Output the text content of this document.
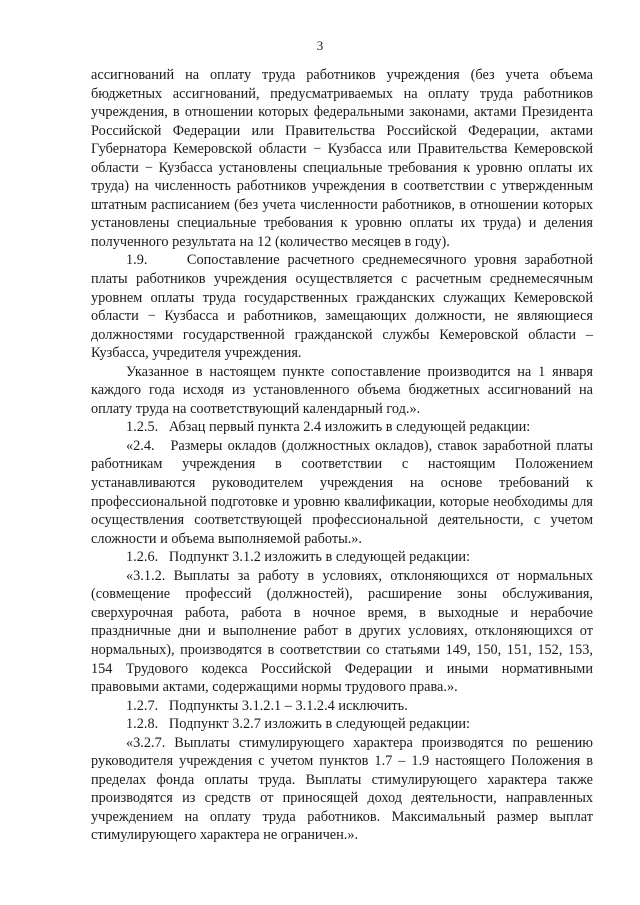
3

ассигнований на оплату труда работников учреждения (без учета объема бюджетных ассигнований, предусматриваемых на оплату труда работников учреждения, в отношении которых федеральными законами, актами Президента Российской Федерации или Правительства Российской Федерации, актами Губернатора Кемеровской области − Кузбасса или Правительства Кемеровской области − Кузбасса установлены специальные требования к уровню оплаты их труда) на численность работников учреждения в соответствии с утвержденным штатным расписанием (без учета численности работников, в отношении которых установлены специальные требования к уровню оплаты их труда) и деления полученного результата на 12 (количество месяцев в году).

1.9.     Сопоставление расчетного среднемесячного уровня заработной платы работников учреждения осуществляется с расчетным среднемесячным уровнем оплаты труда государственных гражданских служащих Кемеровской области − Кузбасса и работников, замещающих должности, не являющиеся должностями государственной гражданской службы Кемеровской области – Кузбасса, учредителя учреждения.

Указанное в настоящем пункте сопоставление производится на 1 января каждого года исходя из установленного объема бюджетных ассигнований на оплату труда на соответствующий календарный год.».

1.2.5.   Абзац первый пункта 2.4 изложить в следующей редакции:

«2.4.   Размеры окладов (должностных окладов), ставок заработной платы работникам учреждения в соответствии с настоящим Положением устанавливаются руководителем учреждения на основе требований к профессиональной подготовке и уровню квалификации, которые необходимы для осуществления соответствующей профессиональной деятельности, с учетом сложности и объема выполняемой работы.».

1.2.6.   Подпункт 3.1.2 изложить в следующей редакции:

«3.1.2. Выплаты за работу в условиях, отклоняющихся от нормальных (совмещение профессий (должностей), расширение зоны обслуживания, сверхурочная работа, работа в ночное время, в выходные и нерабочие праздничные дни и выполнение работ в других условиях, отклоняющихся от нормальных), производятся в соответствии со статьями 149, 150, 151, 152, 153, 154 Трудового кодекса Российской Федерации и иными нормативными правовыми актами, содержащими нормы трудового права.».

1.2.7.   Подпункты 3.1.2.1 – 3.1.2.4 исключить.

1.2.8.   Подпункт 3.2.7 изложить в следующей редакции:

«3.2.7. Выплаты стимулирующего характера производятся по решению руководителя учреждения с учетом пунктов 1.7 – 1.9 настоящего Положения в пределах фонда оплаты труда. Выплаты стимулирующего характера также производятся из средств от приносящей доход деятельности, направленных учреждением на оплату труда работников. Максимальный размер выплат стимулирующего характера не ограничен.».
